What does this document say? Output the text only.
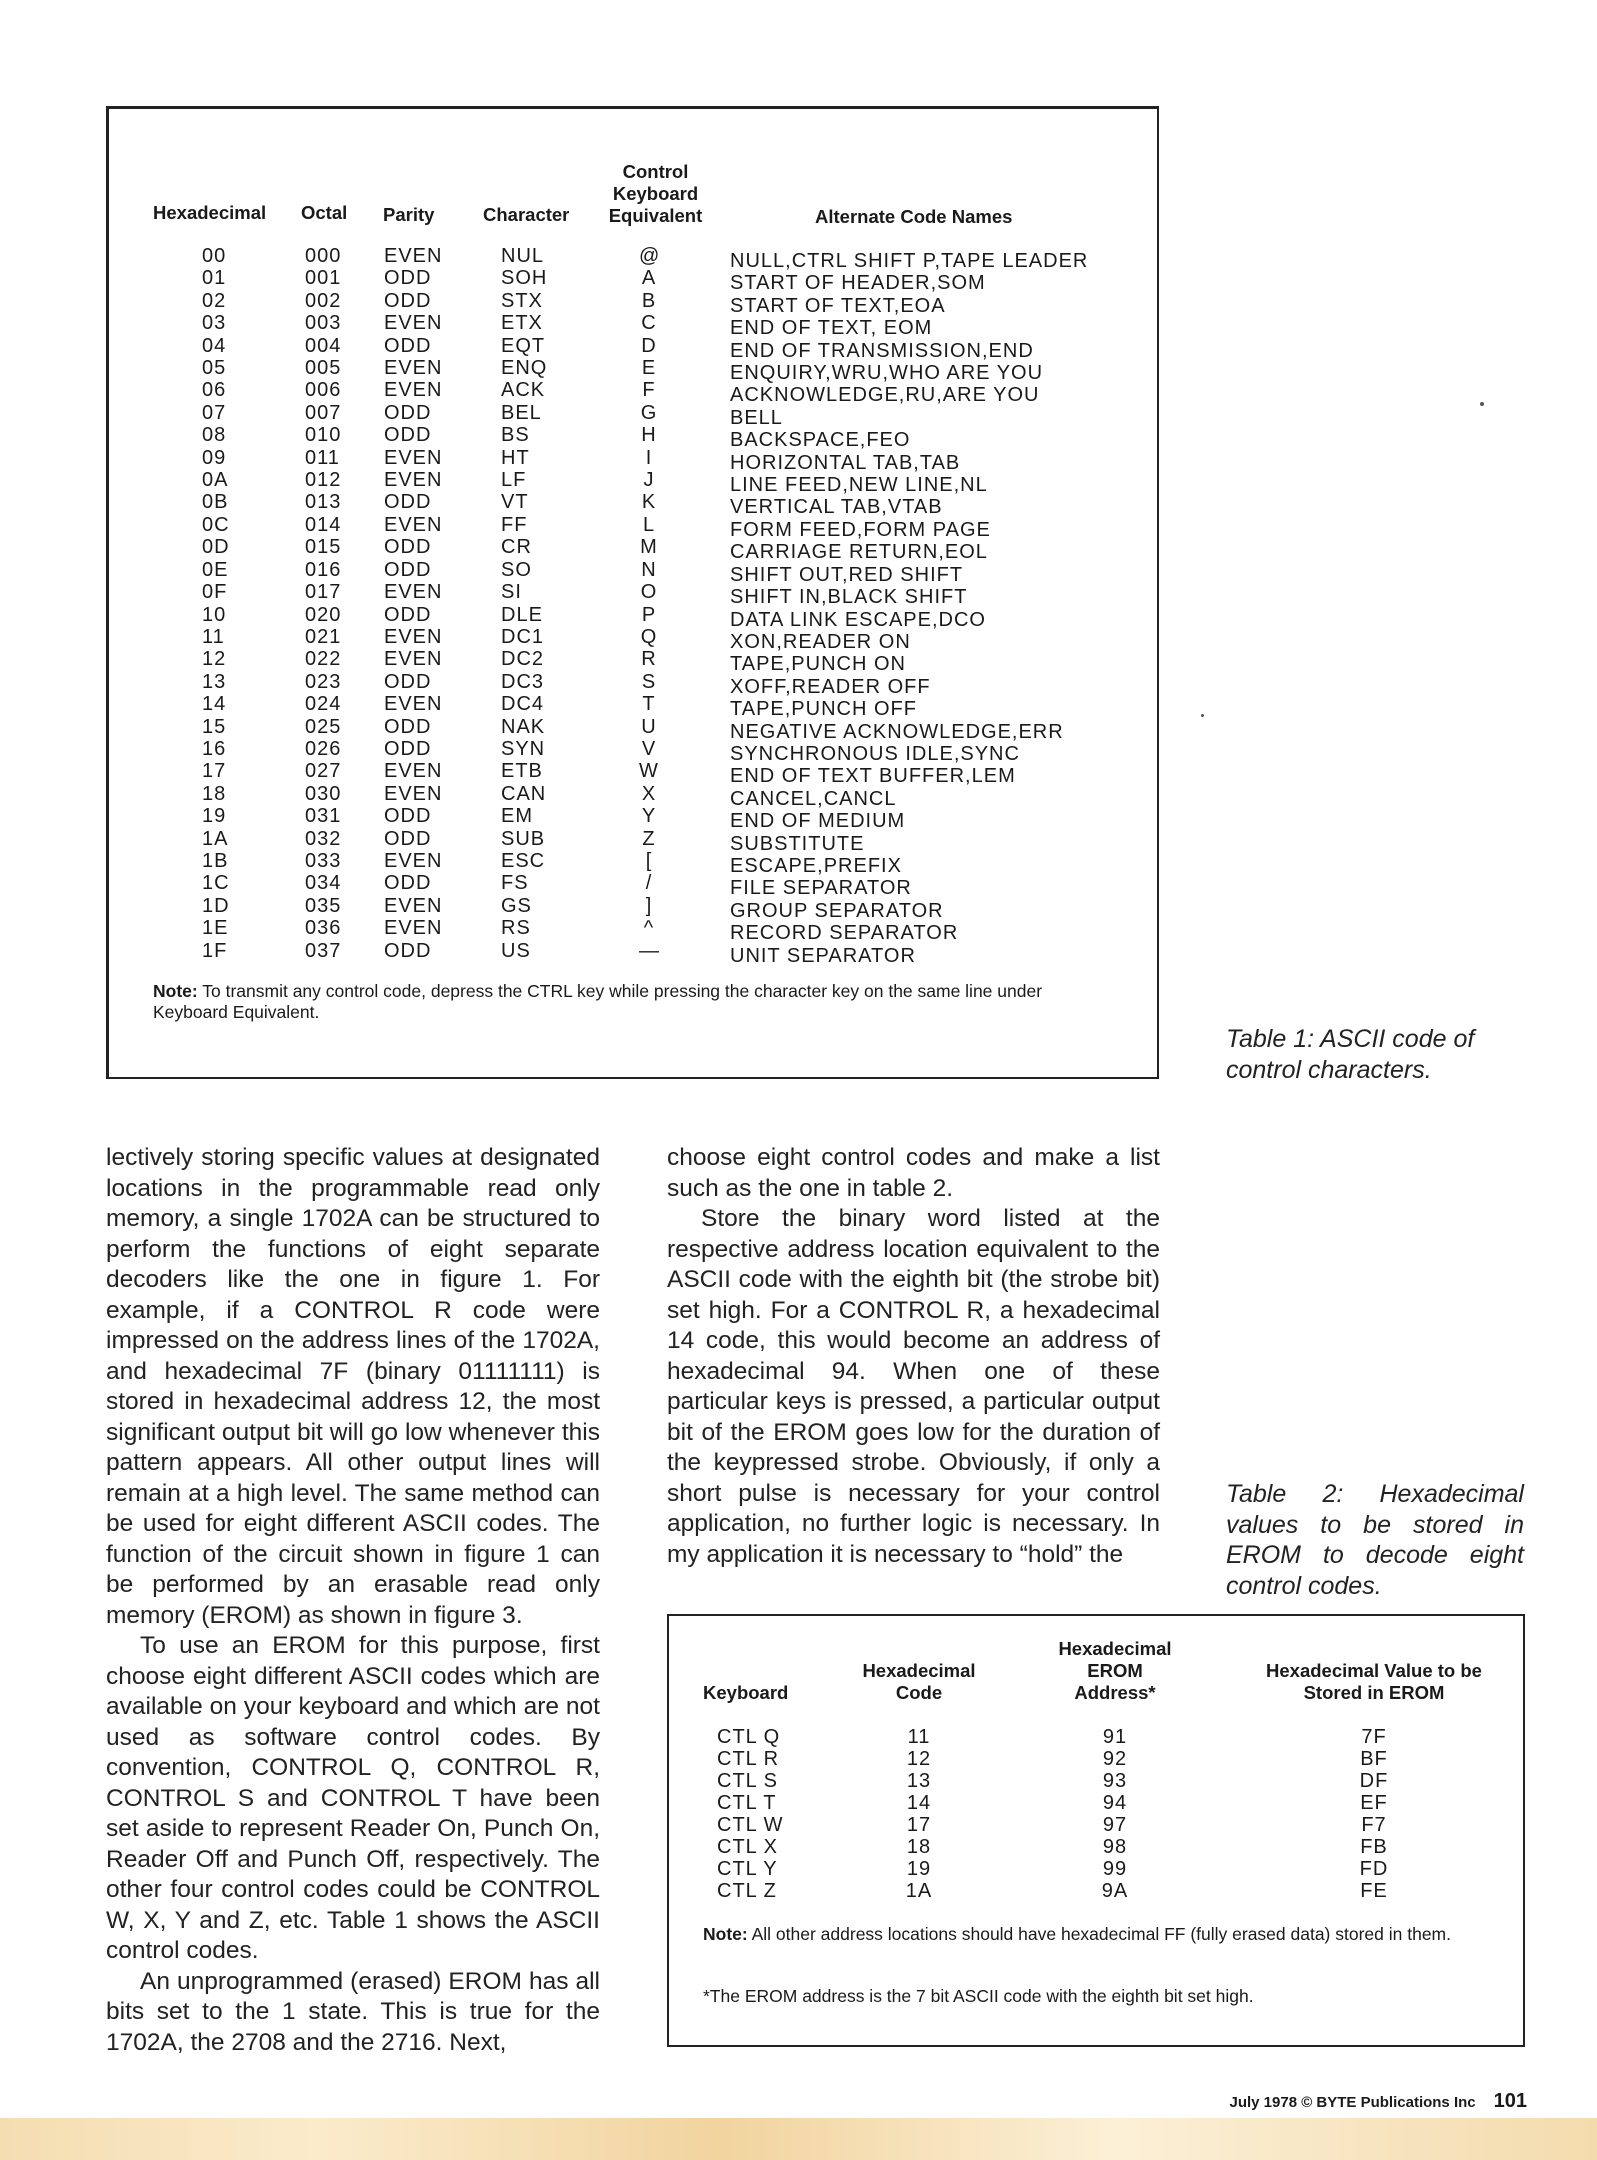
Hexadecimal Octal Parity	Character
Control
Keyboard
Equivalent	Alternate Code Names
00
01
02
03
04
05
06
07
08
09
0A
0B
0C
0D
0E
0F
10
11
12
13
14
15
16
17
18
19
1A
1B
1C
1D
1E
1F
000
001
002
003
004
005
006
007
010
011
012
013
014
015
016
017
020
021
022
023
024
025
026
027
030
031
032
033
034
035
036
037
EVEN
ODD
ODD
EVEN
ODD
EVEN
EVEN
ODD
ODD
EVEN
EVEN
ODD
EVEN
ODD
ODD
EVEN
ODD
EVEN
EVEN
ODD
EVEN
ODD
ODD
EVEN
EVEN
ODD
ODD
EVEN
ODD
EVEN
EVEN
ODD
NUL
SOH
STX
ETX
EQT
ENQ
ACK
BEL
BS
HT
LF
VT
FF
CR
SO
SI
DLE
DC1
DC2
DC3
DC4
NAK
SYN
ETB
CAN
EM
SUB
ESC
FS
GS
RS
US
@
A
B
C
D
E
F
G
H
I
J
K
L
M
N
O
P
Q
R
S
T
U
V
W
X
Y
Z
[
/
]
^
—
NULL,CTRL SHIFT P,TAPE LEADER
START OF HEADER,SOM
START OF TEXT,EOA
END OF TEXT, EOM
END OF TRANSMISSION,END
ENQUIRY,WRU,WHO ARE YOU
ACKNOWLEDGE,RU,ARE YOU
BELL
BACKSPACE,FEO
HORIZONTAL TAB,TAB
LINE FEED,NEW LINE,NL
VERTICAL TAB,VTAB
FORM FEED,FORM PAGE
CARRIAGE RETURN,EOL
SHIFT OUT,RED SHIFT
SHIFT IN,BLACK SHIFT
DATA LINK ESCAPE,DCO
XON,READER ON
TAPE,PUNCH ON
XOFF,READER OFF
TAPE,PUNCH OFF
NEGATIVE ACKNOWLEDGE,ERR
SYNCHRONOUS IDLE,SYNC
END OF TEXT BUFFER,LEM
CANCEL,CANCL
END OF MEDIUM
SUBSTITUTE
ESCAPE,PREFIX
FILE SEPARATOR
GROUP SEPARATOR
RECORD SEPARATOR
UNIT SEPARATOR
Note: To transmit any control code, depress the CTRL key while pressing the character key on the same line under Keyboard Equivalent.
Table 1: ASCII code of control characters.

lectively storing specific values at designated locations in the programmable read only memory, a single 1702A can be structured to perform the functions of eight separate decoders like the one in figure 1. For example, if a CONTROL R code were impressed on the address lines of the 1702A, and hexadecimal 7F (binary 01111111) is stored in hexadecimal address 12, the most significant output bit will go low whenever this pattern appears. All other output lines will remain at a high level. The same method can be used for eight different ASCII codes. The function of the circuit shown in figure 1 can be performed by an erasable read only memory (EROM) as shown in figure 3.

To use an EROM for this purpose, first choose eight different ASCII codes which are available on your keyboard and which are not used as software control codes. By convention, CONTROL Q, CONTROL R, CONTROL S and CONTROL T have been set aside to represent Reader On, Punch On, Reader Off and Punch Off, respectively. The other four control codes could be CONTROL W, X, Y and Z, etc. Table 1 shows the ASCII control codes.

An unprogrammed (erased) EROM has all bits set to the 1 state. This is true for the 1702A, the 2708 and the 2716. Next,

choose eight control codes and make a list such as the one in table 2.

Store the binary word listed at the respective address location equivalent to the ASCII code with the eighth bit (the strobe bit) set high. For a CONTROL R, a hexadecimal 14 code, this would become an address of hexadecimal 94. When one of these particular keys is pressed, a particular output bit of the EROM goes low for the duration of the keypressed strobe. Obviously, if only a short pulse is necessary for your control application, no further logic is necessary. In my application it is necessary to “hold” the

Table 2: Hexadecimal values to be stored in EROM to decode eight
control codes.
Keyboard
Hexadecimal
Code
Hexadecimal
EROM
Address*
Hexadecimal Value to be
Stored in EROM
CTL Q
CTL R
CTL S
CTL T
CTL W
CTL X
CTL Y
CTL Z
11
12
13
14
17
18
19
1A
91
92
93
94
97
98
99
9A
7F
BF
DF
EF
F7
FB
FD
FE
Note: All other address locations should have hexadecimal FF (fully erased data) stored in them.
*The EROM address is the 7 bit ASCII code with the eighth bit set high.
July 1978 © BYTE Publications Inc 101
